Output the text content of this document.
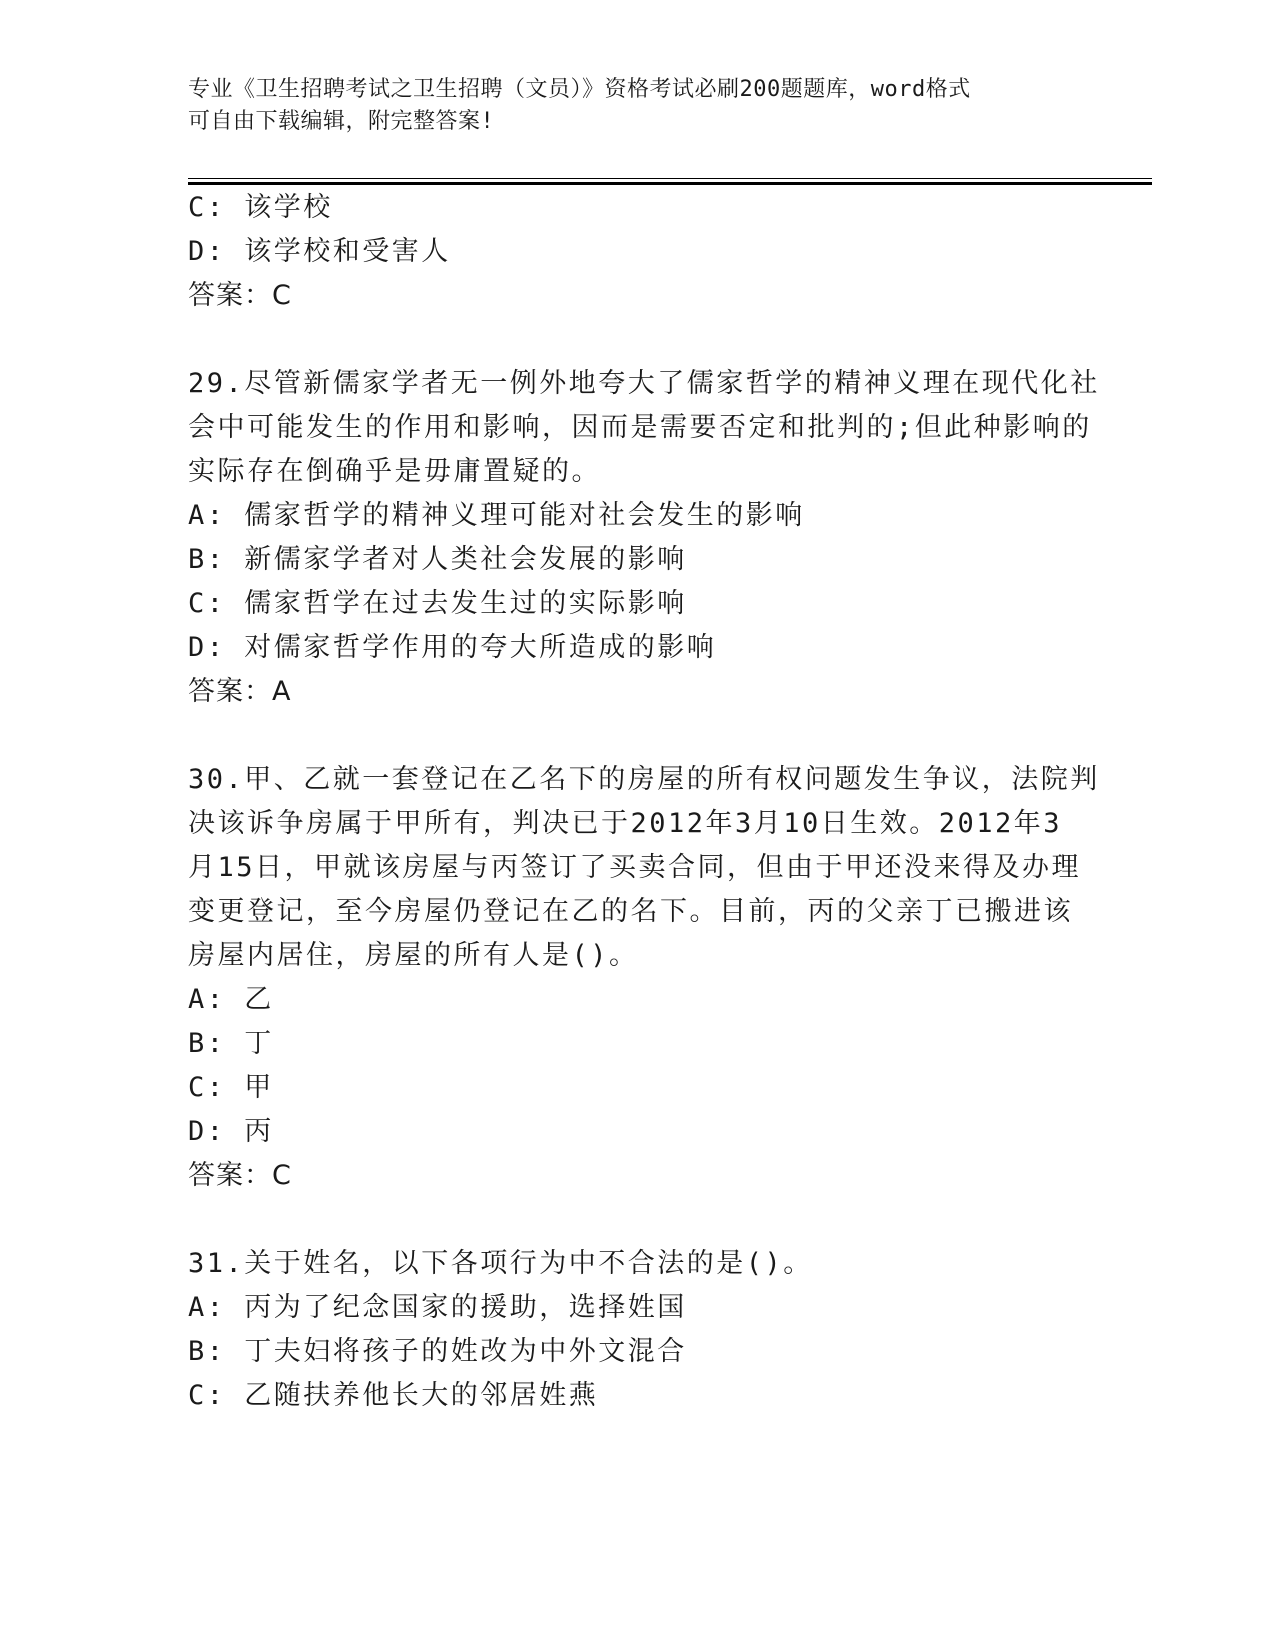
专业《卫生招聘考试之卫生招聘（文员）》资格考试必刷200题题库，word格式
可自由下载编辑，附完整答案!
C: 该学校
D: 该学校和受害人
答案：C
29.尽管新儒家学者无一例外地夸大了儒家哲学的精神义理在现代化社
会中可能发生的作用和影响，因而是需要否定和批判的;但此种影响的
实际存在倒确乎是毋庸置疑的。
A: 儒家哲学的精神义理可能对社会发生的影响
B: 新儒家学者对人类社会发展的影响
C: 儒家哲学在过去发生过的实际影响
D: 对儒家哲学作用的夸大所造成的影响
答案：A
30.甲、乙就一套登记在乙名下的房屋的所有权问题发生争议，法院判
决该诉争房属于甲所有，判决已于2012年3月10日生效。2012年3
月15日，甲就该房屋与丙签订了买卖合同，但由于甲还没来得及办理
变更登记，至今房屋仍登记在乙的名下。目前，丙的父亲丁已搬进该
房屋内居住，房屋的所有人是()。
A: 乙
B: 丁
C: 甲
D: 丙
答案：C
31.关于姓名，以下各项行为中不合法的是()。
A: 丙为了纪念国家的援助，选择姓国
B: 丁夫妇将孩子的姓改为中外文混合
C: 乙随扶养他长大的邻居姓燕
